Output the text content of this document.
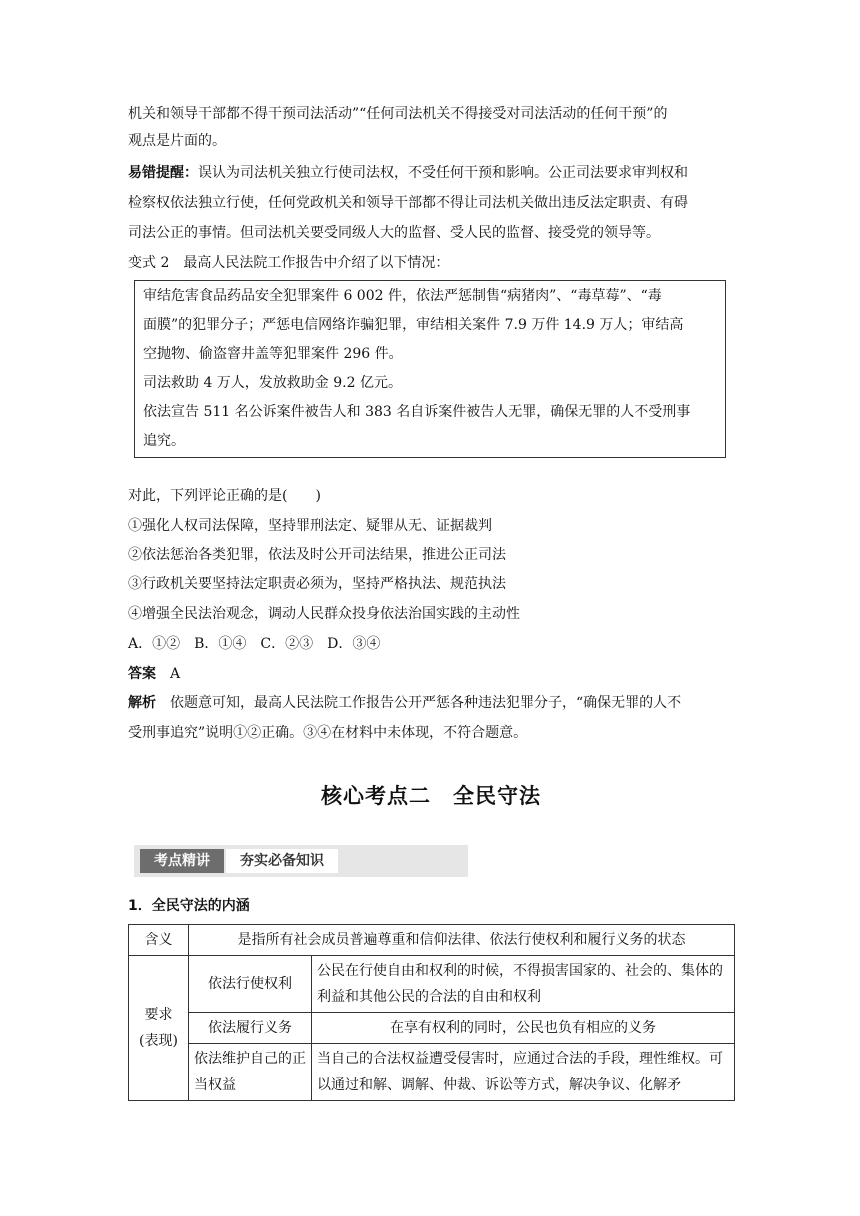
机关和领导干部都不得干预司法活动”“任何司法机关不得接受对司法活动的任何干预”的
观点是片面的。
易错提醒：误认为司法机关独立行使司法权，不受任何干预和影响。公正司法要求审判权和
检察权依法独立行使，任何党政机关和领导干部都不得让司法机关做出违反法定职责、有碍
司法公正的事情。但司法机关要受同级人大的监督、受人民的监督、接受党的领导等。
变式 2　 最高人民法院工作报告中介绍了以下情况：
审结危害食品药品安全犯罪案件 6 002 件，依法严惩制售“病猪肉”、“毒草莓”、“毒
面膜”的犯罪分子；严惩电信网络诈骗犯罪，审结相关案件 7.9 万件 14.9 万人；审结高
空抛物、偷盗窨井盖等犯罪案件 296 件。
司法救助 4 万人，发放救助金 9.2 亿元。
依法宣告 511 名公诉案件被告人和 383 名自诉案件被告人无罪，确保无罪的人不受刑事
追究。
对此，下列评论正确的是(　　)
①强化人权司法保障，坚持罪刑法定、疑罪从无、证据裁判
②依法惩治各类犯罪，依法及时公开司法结果，推进公正司法
③行政机关要坚持法定职责必须为，坚持严格执法、规范执法
④增强全民法治观念，调动人民群众投身依法治国实践的主动性
A．①②　B．①④　C．②③　D．③④
答案　 A
解析　 依题意可知，最高人民法院工作报告公开严惩各种违法犯罪分子，“确保无罪的人不
受刑事追究”说明①②正确。③④在材料中未体现，不符合题意。
核心考点二　全民守法
考点精讲	夯实必备知识
1．全民守法的内涵
含义	是指所有社会成员普遍尊重和信仰法律、依法行使权利和履行义务的状态	

要求
(表现)	依法行使权利	公民在行使自由和权利的时候，不得损害国家的、社会的、集体的利益和其他公民的合法的自由和权利
	依法履行义务	在享有权利的同时，公民也负有相应的义务
	依法维护自己的正当权益	当自己的合法权益遭受侵害时，应通过合法的手段，理性维权。可以通过和解、调解、仲裁、诉讼等方式，解决争议、化解矛
